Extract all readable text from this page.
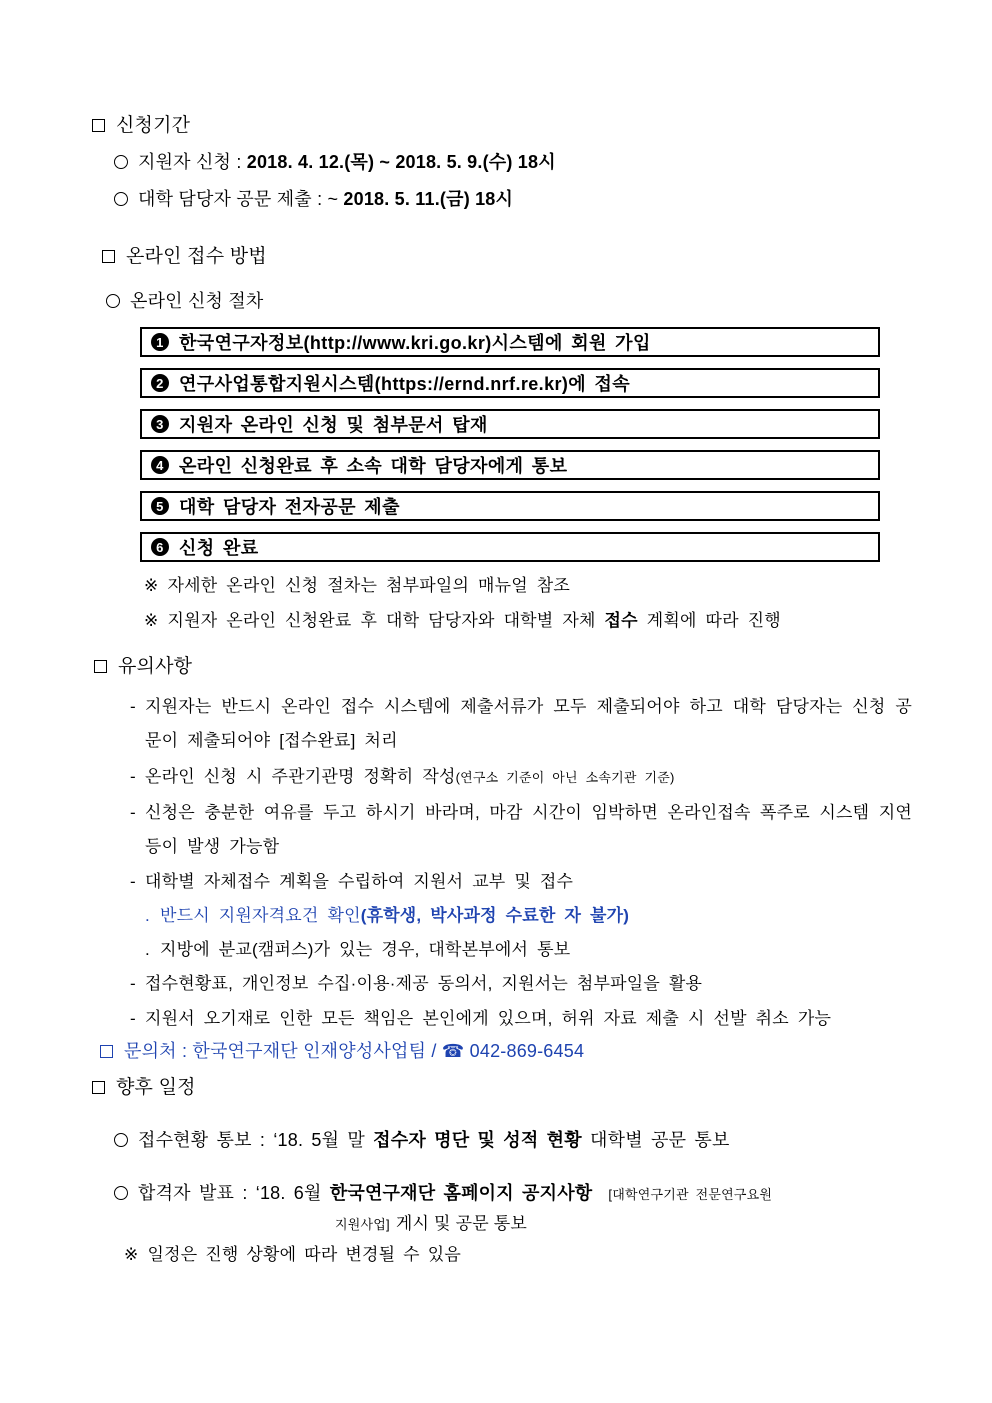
신청기간
지원자 신청 : 2018. 4. 12.(목) ~ 2018. 5. 9.(수) 18시
대학 담당자 공문 제출 : ~ 2018. 5. 11.(금) 18시
온라인 접수 방법
온라인 신청 절차
1 한국연구자정보(http://www.kri.go.kr)시스템에 회원 가입
2 연구사업통합지원시스템(https://ernd.nrf.re.kr)에 접속
3 지원자 온라인 신청 및 첨부문서 탑재
4 온라인 신청완료 후 소속 대학 담당자에게 통보
5 대학 담당자 전자공문 제출
6 신청 완료
※ 자세한 온라인 신청 절차는 첨부파일의 매뉴얼 참조
※ 지원자 온라인 신청완료 후 대학 담당자와 대학별 자체 접수 계획에 따라 진행
유의사항
- 지원자는 반드시 온라인 접수 시스템에 제출서류가 모두 제출되어야 하고 대학 담당자는 신청 공문이 제출되어야 [접수완료] 처리
- 온라인 신청 시 주관기관명 정확히 작성(연구소 기준이 아닌 소속기관 기준)
- 신청은 충분한 여유를 두고 하시기 바라며, 마감 시간이 임박하면 온라인접속 폭주로 시스템 지연 등이 발생 가능함
- 대학별 자체접수 계획을 수립하여 지원서 교부 및 접수
. 반드시 지원자격요건 확인(휴학생, 박사과정 수료한 자 불가)
. 지방에 분교(캠퍼스)가 있는 경우, 대학본부에서 통보
- 접수현황표, 개인정보 수집·이용·제공 동의서, 지원서는 첨부파일을 활용
- 지원서 오기재로 인한 모든 책임은 본인에게 있으며, 허위 자료 제출 시 선발 취소 가능
문의처 : 한국연구재단 인재양성사업팀 / ☎ 042-869-6454
향후 일정
접수현황 통보 : ‘18. 5월 말 접수자 명단 및 성적 현황 대학별 공문 통보
합격자 발표 : ‘18. 6월 한국연구재단 홈페이지 공지사항 [대학연구기관 전문연구요원
지원사업] 게시 및 공문 통보
※ 일정은 진행 상황에 따라 변경될 수 있음
